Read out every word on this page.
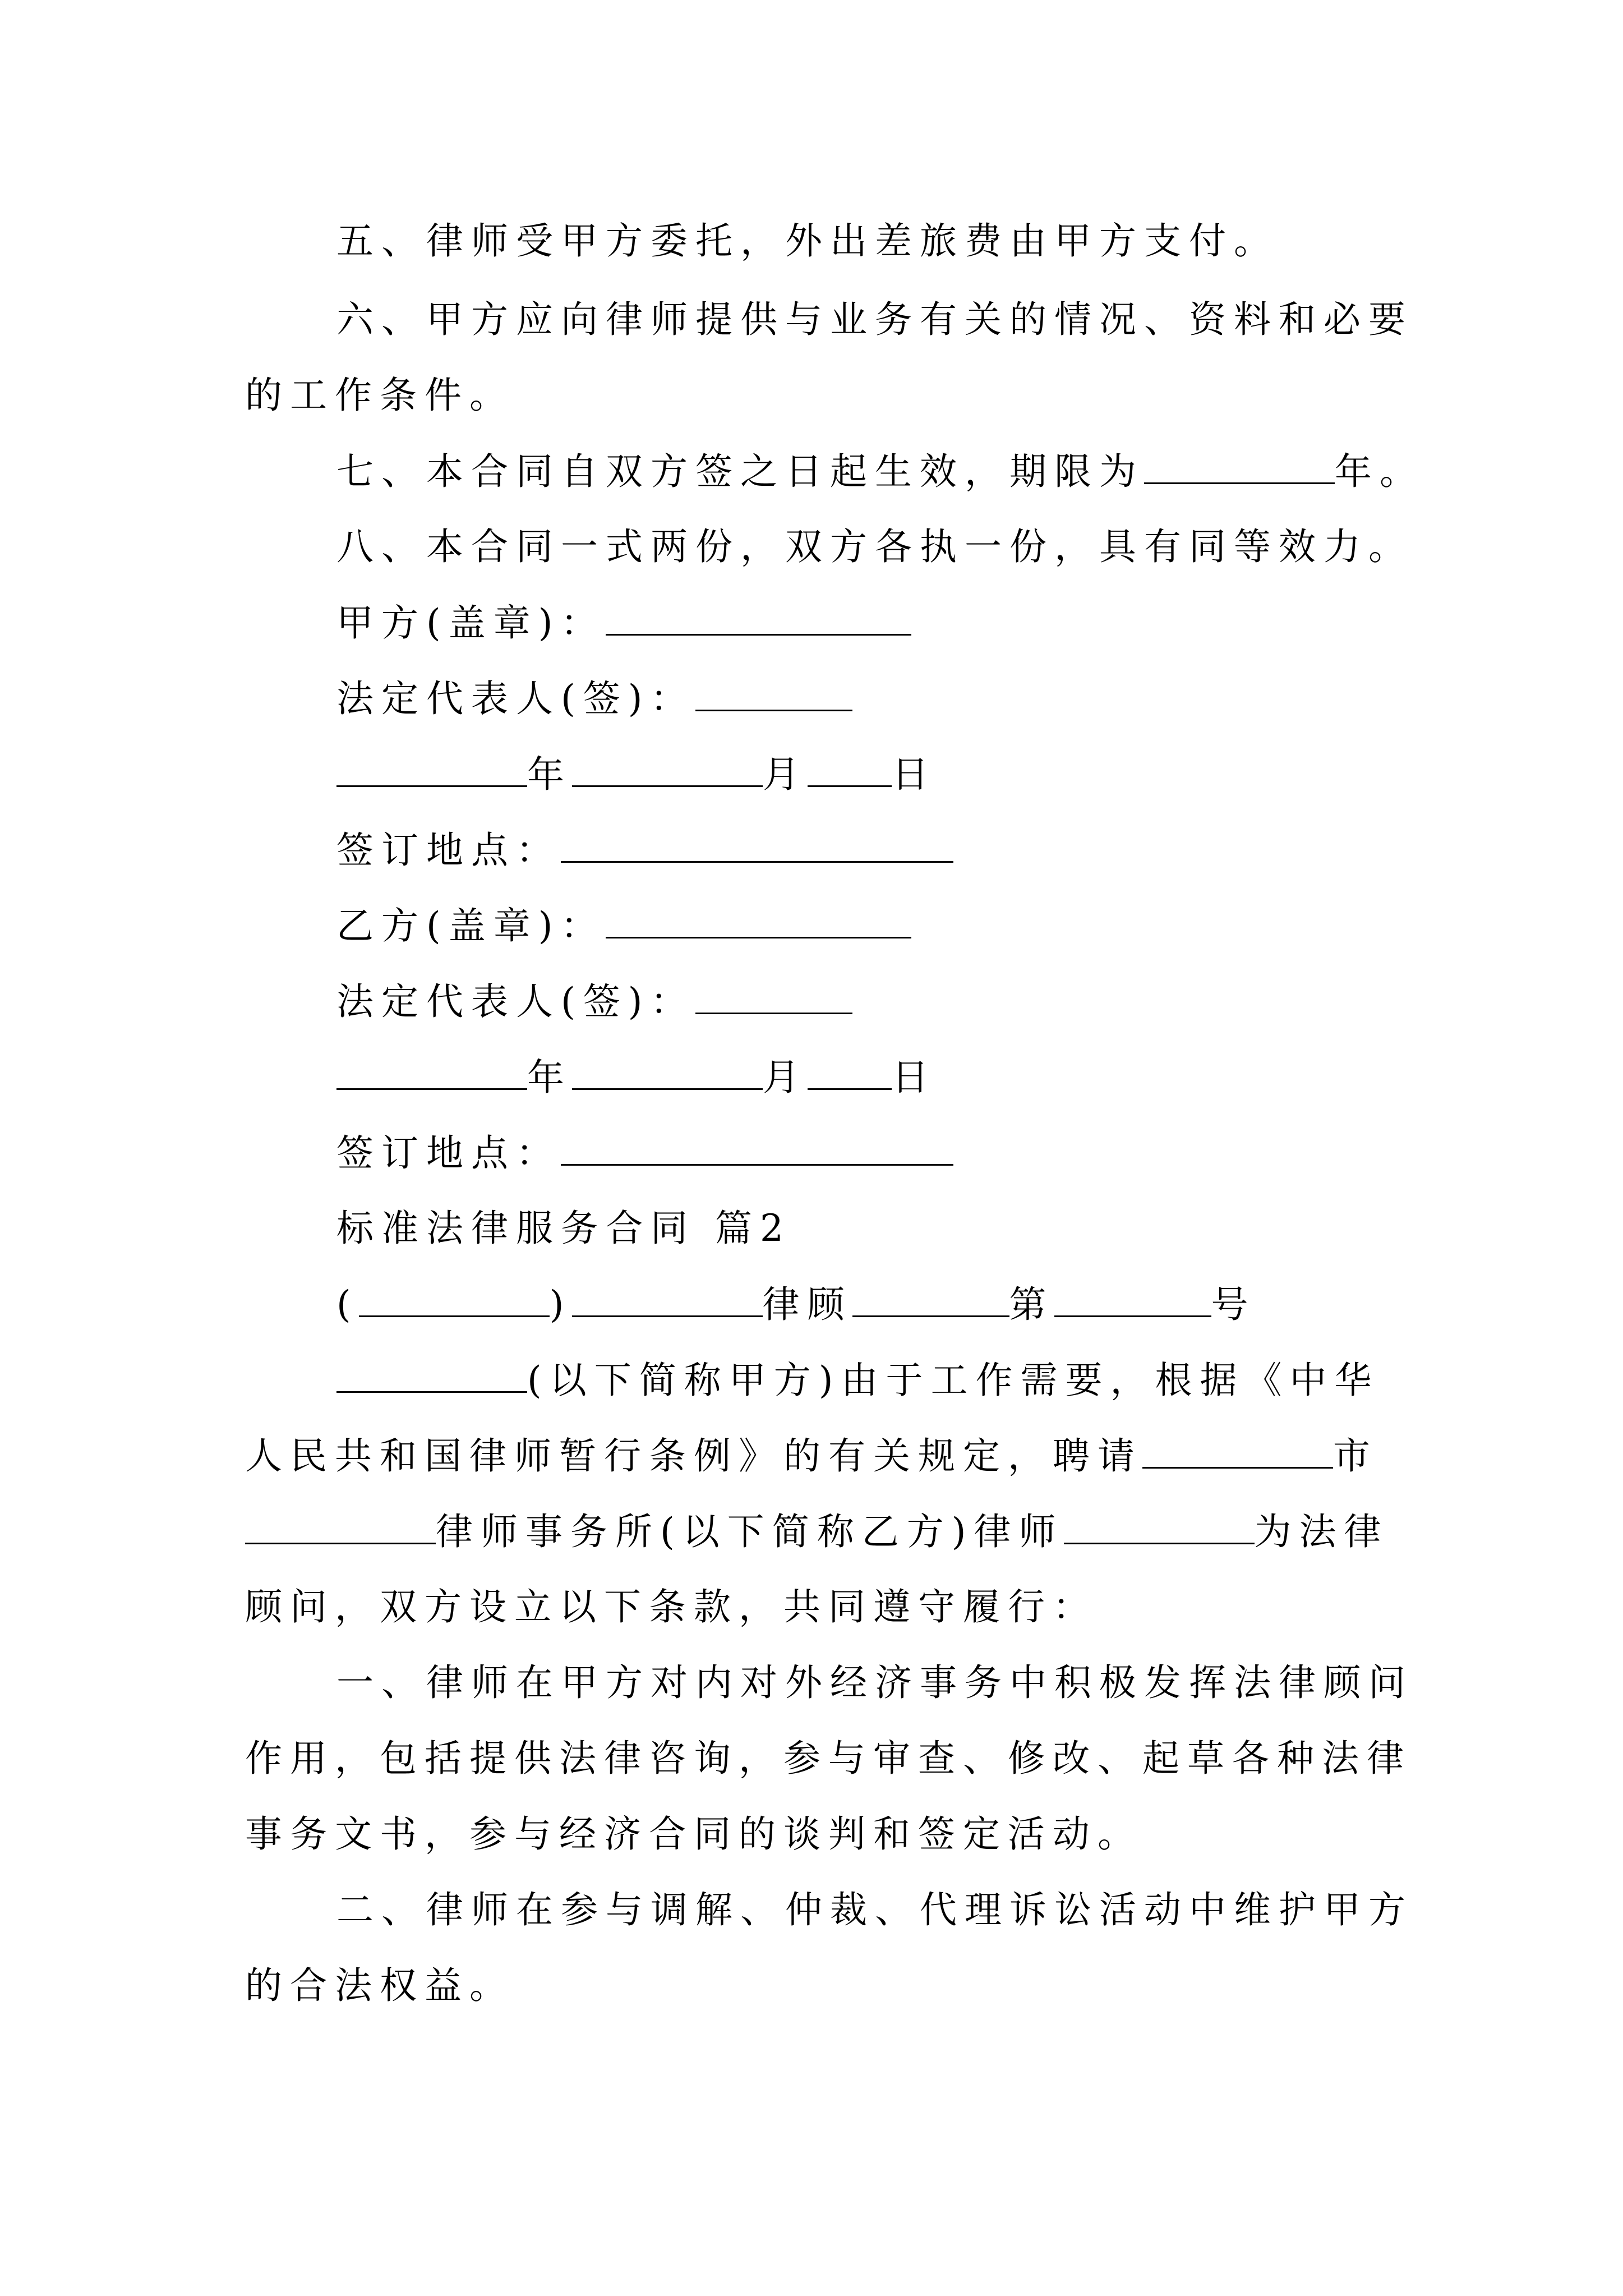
五、律师受甲方委托，外出差旅费由甲方支付。
六、甲方应向律师提供与业务有关的情况、资料和必要
的工作条件。
七、本合同自双方签之日起生效，期限为	年。
八、本合同一式两份，双方各执一份，具有同等效力。
甲方(盖章)：
法定代表人(签)：
年	月 日
签订地点：
乙方(盖章)：
法定代表人(签)：
年	月 日
签订地点：
标准法律服务合同 篇2
(	)	律顾	第	号
(以下简称甲方)由于工作需要，根据《中华
人民共和国律师暂行条例》的有关规定，聘请	市
律师事务所(以下简称乙方)律师	为法律
顾问，双方设立以下条款，共同遵守履行：
一、律师在甲方对内对外经济事务中积极发挥法律顾问
作用，包括提供法律咨询，参与审查、修改、起草各种法律
事务文书，参与经济合同的谈判和签定活动。
二、律师在参与调解、仲裁、代理诉讼活动中维护甲方
的合法权益。
